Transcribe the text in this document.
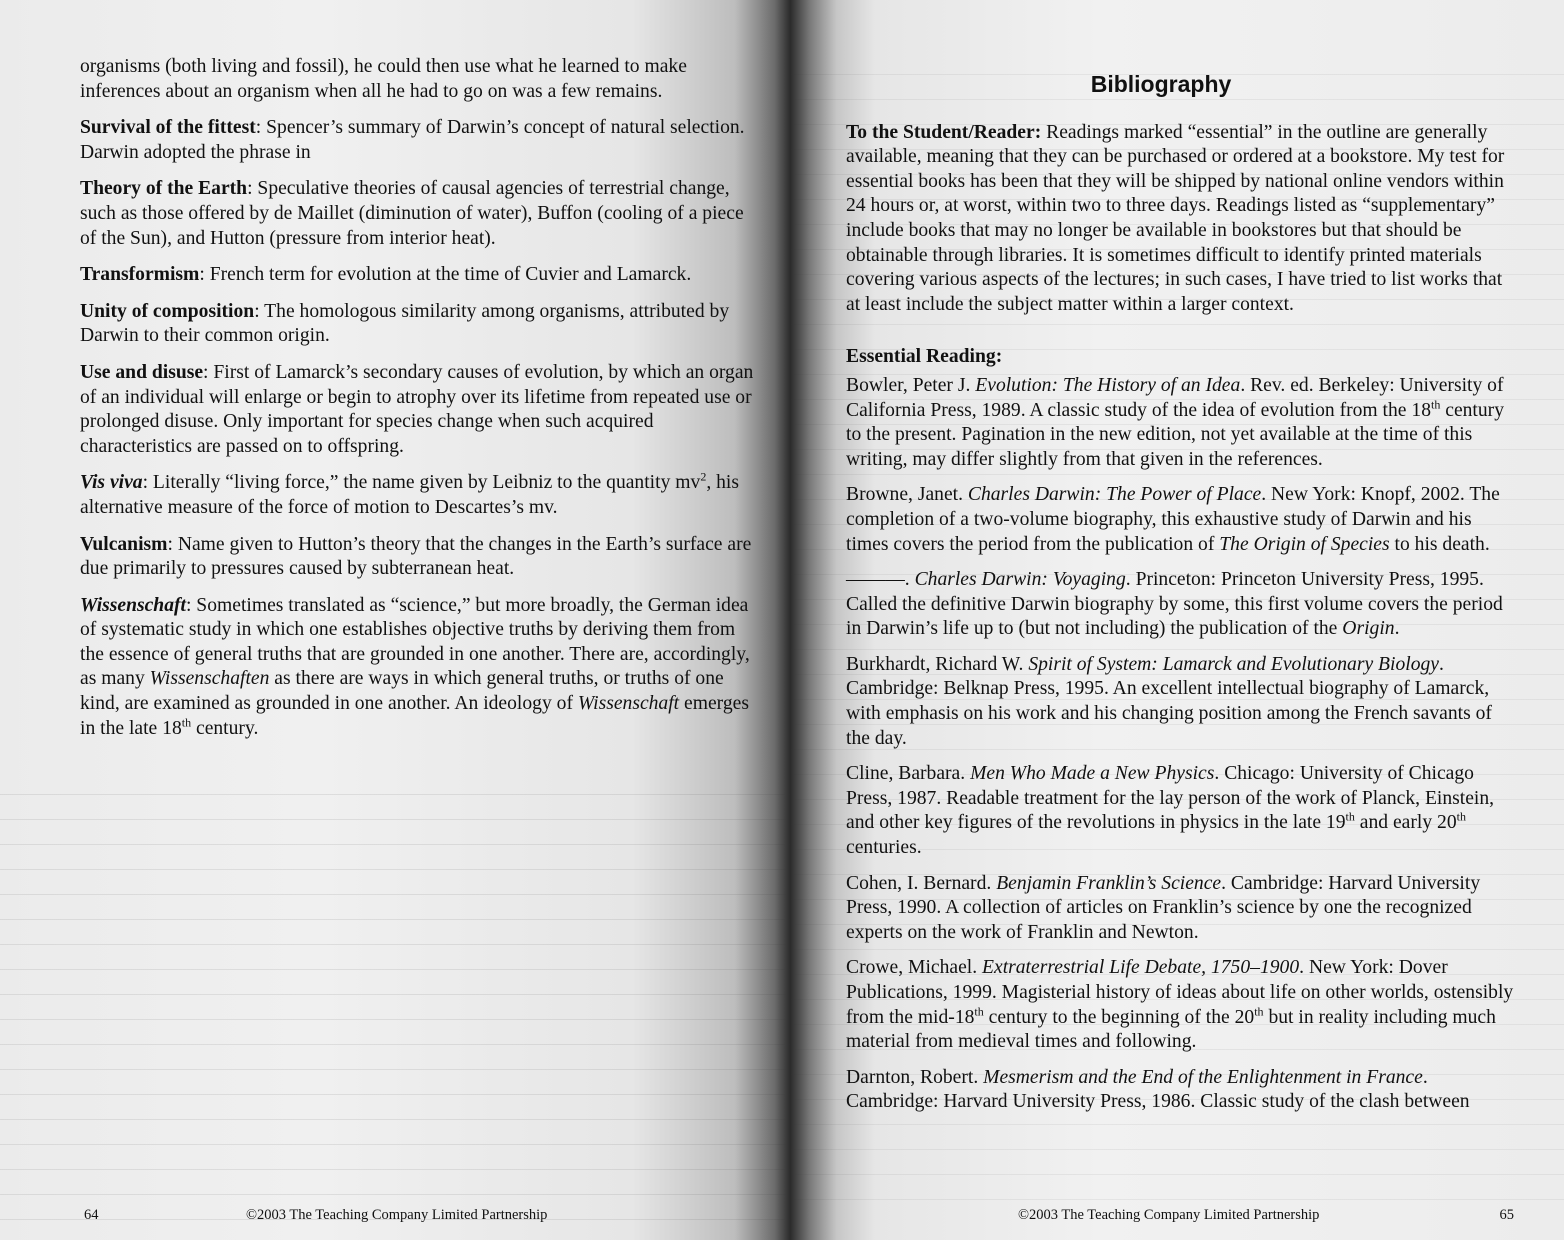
organisms (both living and fossil), he could then use what he learned to make inferences about an organism when all he had to go on was a few remains.

Survival of the fittest: Spencer’s summary of Darwin’s concept of natural selection. Darwin adopted the phrase in

Theory of the Earth: Speculative theories of causal agencies of terrestrial change, such as those offered by de Maillet (diminution of water), Buffon (cooling of a piece of the Sun), and Hutton (pressure from interior heat).

Transformism: French term for evolution at the time of Cuvier and Lamarck.

Unity of composition: The homologous similarity among organisms, attributed by Darwin to their common origin.

Use and disuse: First of Lamarck’s secondary causes of evolution, by which an organ of an individual will enlarge or begin to atrophy over its lifetime from repeated use or prolonged disuse. Only important for species change when such acquired characteristics are passed on to offspring.

Vis viva: Literally “living force,” the name given by Leibniz to the quantity $mv^2$, his alternative measure of the force of motion to Descartes’s mv.

Vulcanism: Name given to Hutton’s theory that the changes in the Earth’s surface are due primarily to pressures caused by subterranean heat.

Wissenschaft: Sometimes translated as “science,” but more broadly, the German idea of systematic study in which one establishes objective truths by deriving them from the essence of general truths that are grounded in one another. There are, accordingly, as many Wissenschaften as there are ways in which general truths, or truths of one kind, are examined as grounded in one another. An ideology of Wissenschaft emerges in the late 18th century.

64	©2003 The Teaching Company Limited Partnership
Bibliography

To the Student/Reader: Readings marked “essential” in the outline are generally available, meaning that they can be purchased or ordered at a bookstore. My test for essential books has been that they will be shipped by national online vendors within 24 hours or, at worst, within two to three days. Readings listed as “supplementary” include books that may no longer be available in bookstores but that should be obtainable through libraries. It is sometimes difficult to identify printed materials covering various aspects of the lectures; in such cases, I have tried to list works that at least include the subject matter within a larger context.

Essential Reading:

Bowler, Peter J. Evolution: The History of an Idea. Rev. ed. Berkeley: University of California Press, 1989. A classic study of the idea of evolution from the 18th century to the present. Pagination in the new edition, not yet available at the time of this writing, may differ slightly from that given in the references.

Browne, Janet. Charles Darwin: The Power of Place. New York: Knopf, 2002. The completion of a two-volume biography, this exhaustive study of Darwin and his times covers the period from the publication of The Origin of Species to his death.

———. Charles Darwin: Voyaging. Princeton: Princeton University Press, 1995. Called the definitive Darwin biography by some, this first volume covers the period in Darwin’s life up to (but not including) the publication of the Origin.

Burkhardt, Richard W. Spirit of System: Lamarck and Evolutionary Biology. Cambridge: Belknap Press, 1995. An excellent intellectual biography of Lamarck, with emphasis on his work and his changing position among the French savants of the day.

Cline, Barbara. Men Who Made a New Physics. Chicago: University of Chicago Press, 1987. Readable treatment for the lay person of the work of Planck, Einstein, and other key figures of the revolutions in physics in the late 19th and early 20th centuries.

Cohen, I. Bernard. Benjamin Franklin’s Science. Cambridge: Harvard University Press, 1990. A collection of articles on Franklin’s science by one the recognized experts on the work of Franklin and Newton.

Crowe, Michael. Extraterrestrial Life Debate, 1750–1900. New York: Dover Publications, 1999. Magisterial history of ideas about life on other worlds, ostensibly from the mid-18th century to the beginning of the 20th but in reality including much material from medieval times and following.

Darnton, Robert. Mesmerism and the End of the Enlightenment in France. Cambridge: Harvard University Press, 1986. Classic study of the clash between

©2003 The Teaching Company Limited Partnership	65
